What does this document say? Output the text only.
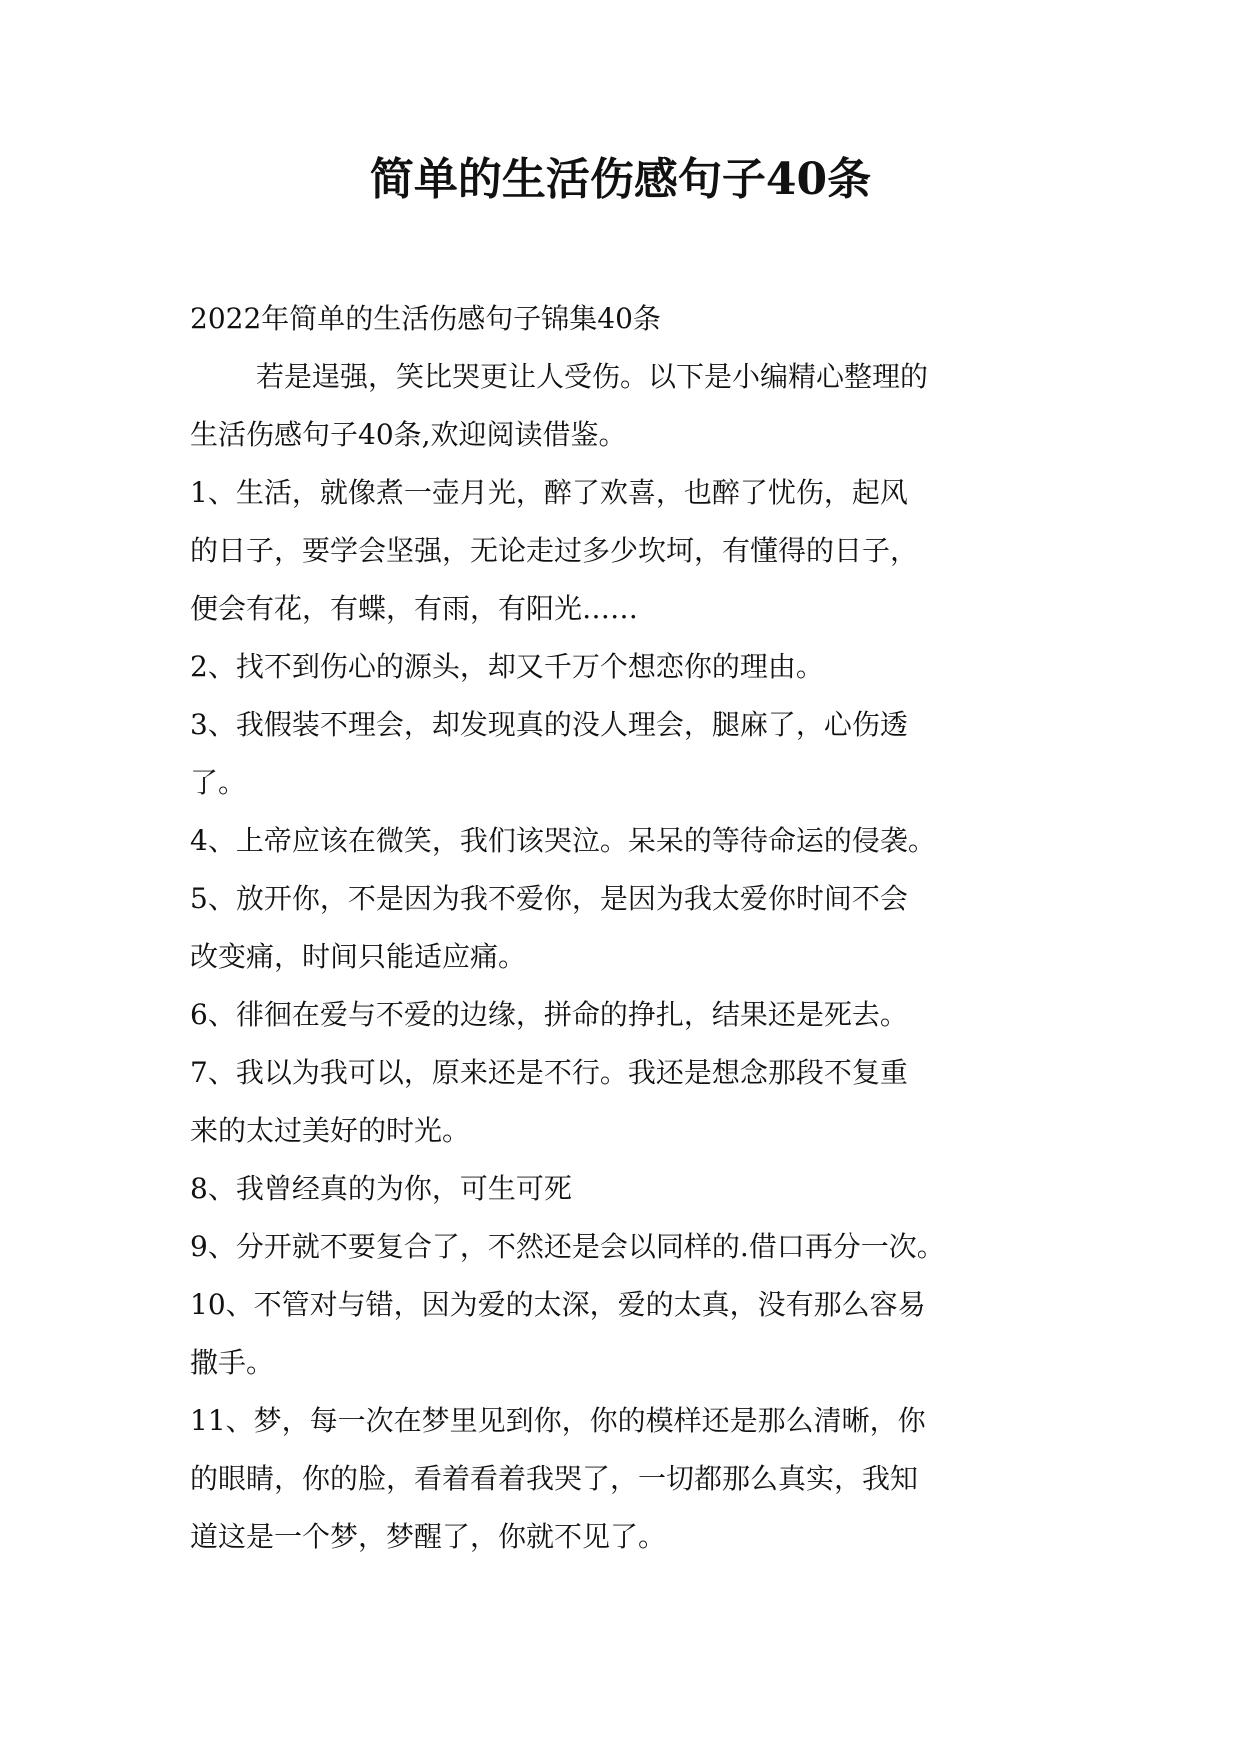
简单的生活伤感句子40条

2022年简单的生活伤感句子锦集40条

若是逞强，笑比哭更让人受伤。以下是小编精心整理的

生活伤感句子40条,欢迎阅读借鉴。

1、生活，就像煮一壶月光，醉了欢喜，也醉了忧伤，起风

的日子，要学会坚强，无论走过多少坎坷，有懂得的日子，

便会有花，有蝶，有雨，有阳光……

2、找不到伤心的源头，却又千万个想恋你的理由。

3、我假装不理会，却发现真的没人理会，腿麻了，心伤透

了。

4、上帝应该在微笑，我们该哭泣。呆呆的等待命运的侵袭。

5、放开你，不是因为我不爱你，是因为我太爱你时间不会

改变痛，时间只能适应痛。

6、徘徊在爱与不爱的边缘，拼命的挣扎，结果还是死去。

7、我以为我可以，原来还是不行。我还是想念那段不复重

来的太过美好的时光。

8、我曾经真的为你，可生可死

9、分开就不要复合了，不然还是会以同样的.借口再分一次。

10、不管对与错，因为爱的太深，爱的太真，没有那么容易

撒手。

11、梦，每一次在梦里见到你，你的模样还是那么清晰，你

的眼睛，你的脸，看着看着我哭了，一切都那么真实，我知

道这是一个梦，梦醒了，你就不见了。
